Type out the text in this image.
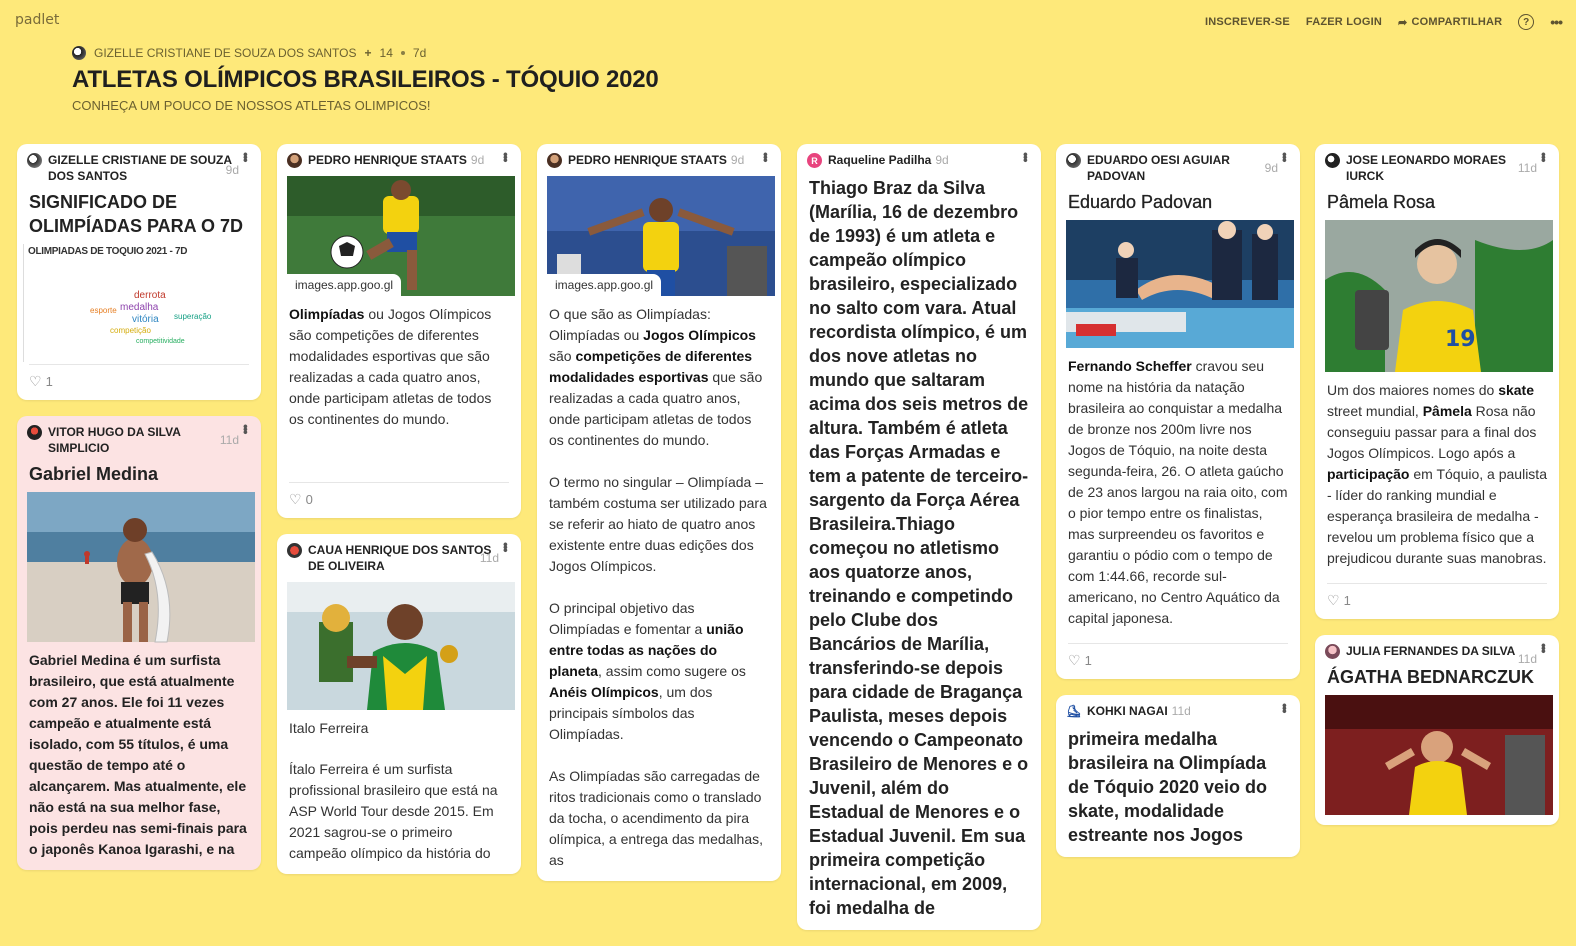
padlet	INSCREVER-SE FAZER LOGIN ➦ COMPARTILHAR	?	•••
GIZELLE CRISTIANE DE SOUZA DOS SANTOS + 14 7d
ATLETAS OLÍMPICOS BRASILEIROS - TÓQUIO 2020
CONHEÇA UM POUCO DE NOSSOS ATLETAS OLIMPICOS!
GIZELLE CRISTIANE DE SOUZA DOS SANTOS	9d
•••
SIGNIFICADO DE OLIMPÍADAS PARA O 7D
OLIMPIADAS DE TOQUIO 2021 - 7D
derrota
medalha
vitória
competição
competitividade
esporte
superação
♡ 1
VITOR HUGO DA SILVA SIMPLICIO
11d
•••
Gabriel Medina
Gabriel Medina é um surfista brasileiro, que está atualmente com 27 anos. Ele foi 11 vezes campeão e atualmente está isolado, com 55 títulos, é uma questão de tempo até o alcançarem. Mas atualmente, ele não está na sua melhor fase, pois perdeu nas semi-finais para o japonês Kanoa Igarashi, e na
PEDRO HENRIQUE STAATS 9d •••
images.app.goo.gl
Olimpíadas ou Jogos Olímpicos são competições de diferentes modalidades esportivas que são realizadas a cada quatro anos, onde participam atletas de todos os continentes do mundo.
♡ 0
CAUA HENRIQUE DOS SANTOS DE OLIVEIRA
11d
•••
Italo Ferreira
Ítalo Ferreira é um surfista profissional brasileiro que está na ASP World Tour desde 2015. Em 2021 sagrou-se o primeiro campeão olímpico da história do
PEDRO HENRIQUE STAATS 9d •••
images.app.goo.gl
O que são as Olimpíadas: Olimpíadas ou Jogos Olímpicos são competições de diferentes modalidades esportivas que são realizadas a cada quatro anos, onde participam atletas de todos os continentes do mundo.
O termo no singular – Olimpíada – também costuma ser utilizado para se referir ao hiato de quatro anos existente entre duas edições dos Jogos Olímpicos.
O principal objetivo das Olimpíadas e fomentar a união entre todas as nações do planeta, assim como sugere os Anéis Olímpicos, um dos principais símbolos das Olimpíadas.
As Olimpíadas são carregadas de ritos tradicionais como o translado da tocha, o acendimento da pira olímpica, a entrega das medalhas, as
R Raqueline Padilha 9d	•••
Thiago Braz da Silva (Marília, 16 de dezembro de 1993) é um atleta e campeão olímpico brasileiro, especializado no salto com vara. Atual recordista olímpico, é um dos nove atletas no mundo que saltaram acima dos seis metros de altura. Também é atleta das Forças Armadas e tem a patente de terceiro-sargento da Força Aérea Brasileira.Thiago começou no atletismo aos quatorze anos, treinando e competindo pelo Clube dos Bancários de Marília, transferindo-se depois para cidade de Bragança Paulista, meses depois vencendo o Campeonato Brasileiro de Menores e o Juvenil, além do Estadual de Menores e o Estadual Juvenil. Em sua primeira competição internacional, em 2009, foi medalha de
EDUARDO OESI AGUIAR PADOVAN
9d
•••
Eduardo Padovan
Fernando Scheffer cravou seu nome na história da natação brasileira ao conquistar a medalha de bronze nos 200m livre nos Jogos de Tóquio, na noite desta segunda-feira, 26. O atleta gaúcho de 23 anos largou na raia oito, com o pior tempo entre os finalistas, mas surpreendeu os favoritos e garantiu o pódio com o tempo de com 1:44.66, recorde sul-americano, no Centro Aquático da capital japonesa.
♡ 1
⛸ KOHKI NAGAI 11d	•••
primeira medalha brasileira na Olimpíada de Tóquio 2020 veio do skate, modalidade estreante nos Jogos
JOSE LEONARDO MORAES IURCK
11d
•••
Pâmela Rosa
19
Um dos maiores nomes do skate street mundial, Pâmela Rosa não conseguiu passar para a final dos Jogos Olímpicos. Logo após a participação em Tóquio, a paulista - líder do ranking mundial e esperança brasileira de medalha - revelou um problema físico que a prejudicou durante suas manobras.
♡ 1
JULIA FERNANDES DA SILVA
11d
•••
ÁGATHA BEDNARCZUK
